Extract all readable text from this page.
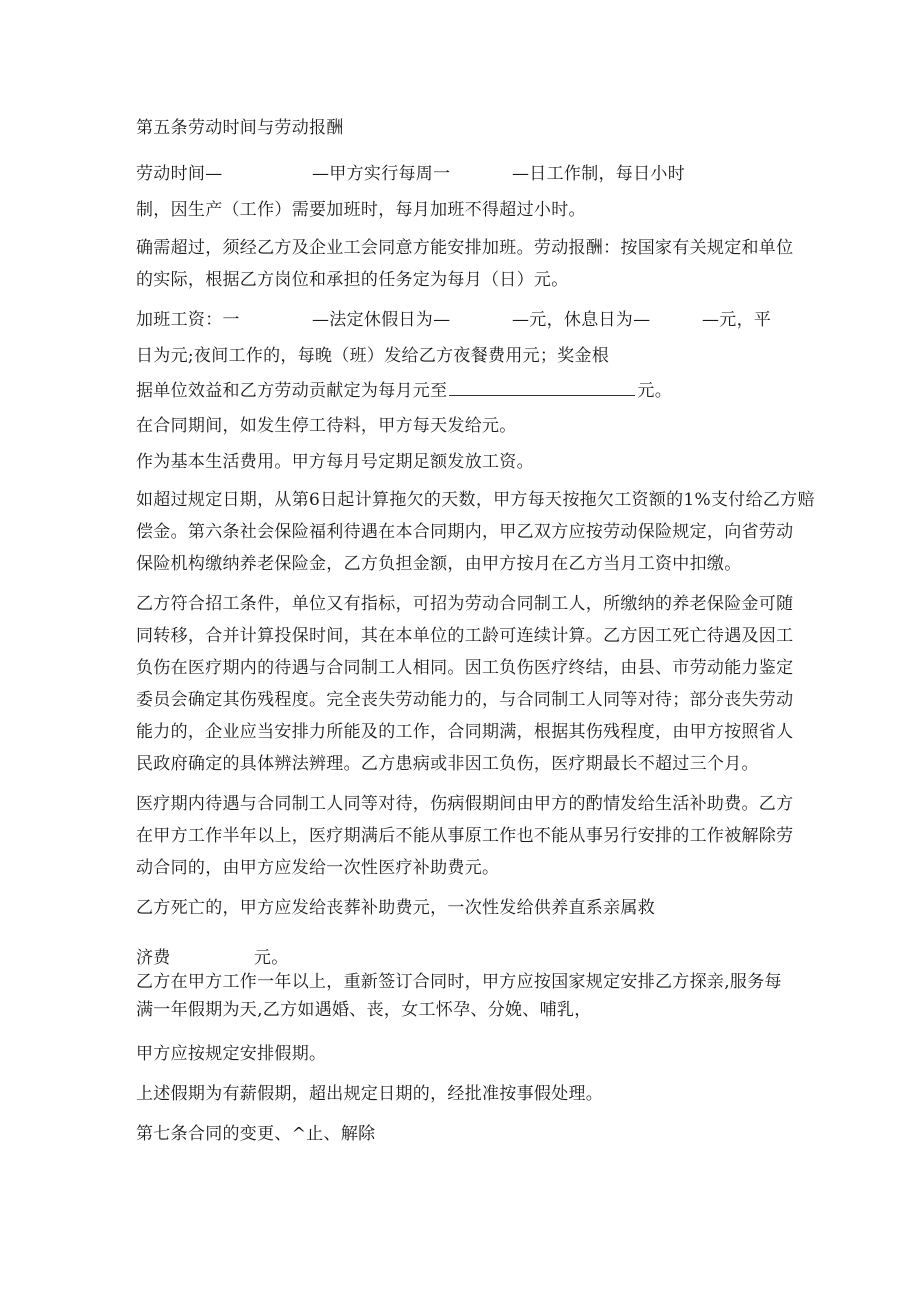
第五条劳动时间与劳动报酬
劳动时间—	—甲方实行每周一	—日工作制，每日小时
制，因生产（工作）需要加班时，每月加班不得超过小时。
确需超过，须经乙方及企业工会同意方能安排加班。劳动报酬：按国家有关规定和单位
的实际，根据乙方岗位和承担的任务定为每月（日）元。
加班工资：一	—法定休假日为—	—元，休息日为—	—元，平
日为元;夜间工作的，每晚（班）发给乙方夜餐费用元；奖金根
据单位效益和乙方劳动贡献定为每月元至	元。
在合同期间，如发生停工待料，甲方每天发给元。
作为基本生活费用。甲方每月号定期足额发放工资。
如超过规定日期，从第6日起计算拖欠的天数，甲方每天按拖欠工资额的1%支付给乙方赔
偿金。第六条社会保险福利待遇在本合同期内，甲乙双方应按劳动保险规定，向省劳动
保险机构缴纳养老保险金，乙方负担金额，由甲方按月在乙方当月工资中扣缴。
乙方符合招工条件，单位又有指标，可招为劳动合同制工人，所缴纳的养老保险金可随
同转移，合并计算投保时间，其在本单位的工龄可连续计算。乙方因工死亡待遇及因工
负伤在医疗期内的待遇与合同制工人相同。因工负伤医疗终结，由县、市劳动能力鉴定
委员会确定其伤残程度。完全丧失劳动能力的，与合同制工人同等对待；部分丧失劳动
能力的，企业应当安排力所能及的工作，合同期满，根据其伤残程度，由甲方按照省人
民政府确定的具体辨法辨理。乙方患病或非因工负伤，医疗期最长不超过三个月。
医疗期内待遇与合同制工人同等对待，伤病假期间由甲方的酌情发给生活补助费。乙方
在甲方工作半年以上，医疗期满后不能从事原工作也不能从事另行安排的工作被解除劳
动合同的，由甲方应发给一次性医疗补助费元。
乙方死亡的，甲方应发给丧葬补助费元，一次性发给供养直系亲属救
济费	元。
乙方在甲方工作一年以上，重新签订合同时，甲方应按国家规定安排乙方探亲,服务每
满一年假期为天,乙方如遇婚、丧，女工怀孕、分娩、哺乳，
甲方应按规定安排假期。
上述假期为有薪假期，超出规定日期的，经批准按事假处理。
第七条合同的变更、^止、解除
